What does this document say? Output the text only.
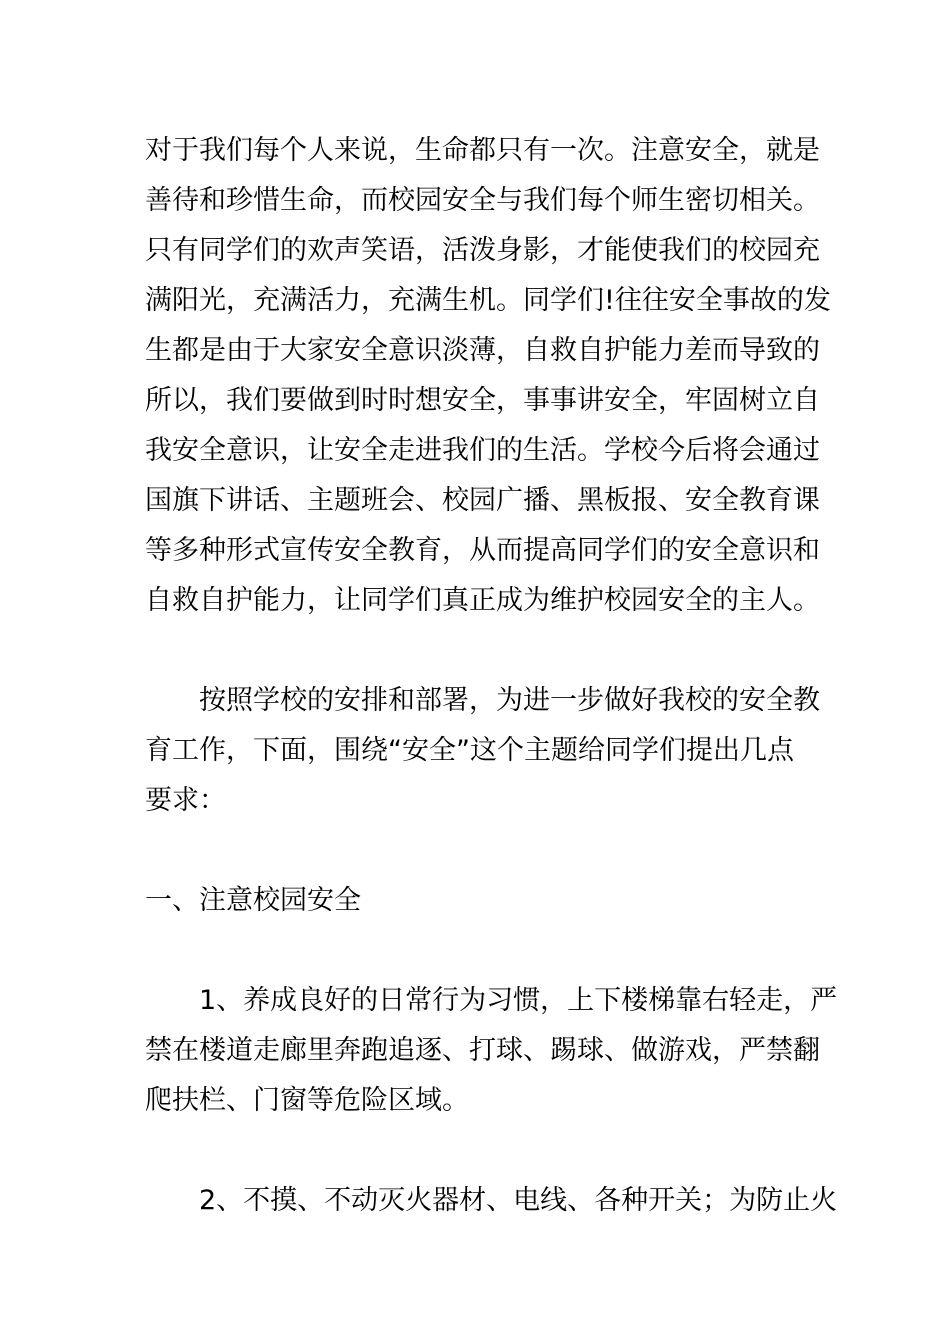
对于我们每个人来说，生命都只有一次。注意安全，就是
善待和珍惜生命，而校园安全与我们每个师生密切相关。
只有同学们的欢声笑语，活泼身影，才能使我们的校园充
满阳光，充满活力，充满生机。同学们!往往安全事故的发
生都是由于大家安全意识淡薄，自救自护能力差而导致的
所以，我们要做到时时想安全，事事讲安全，牢固树立自
我安全意识，让安全走进我们的生活。学校今后将会通过
国旗下讲话、主题班会、校园广播、黑板报、安全教育课
等多种形式宣传安全教育，从而提高同学们的安全意识和
自救自护能力，让同学们真正成为维护校园安全的主人。
按照学校的安排和部署，为进一步做好我校的安全教
育工作，下面，围绕“安全”这个主题给同学们提出几点
要求：
一、注意校园安全
1、养成良好的日常行为习惯，上下楼梯靠右轻走，严
禁在楼道走廊里奔跑追逐、打球、踢球、做游戏，严禁翻
爬扶栏、门窗等危险区域。
2、不摸、不动灭火器材、电线、各种开关；为防止火
